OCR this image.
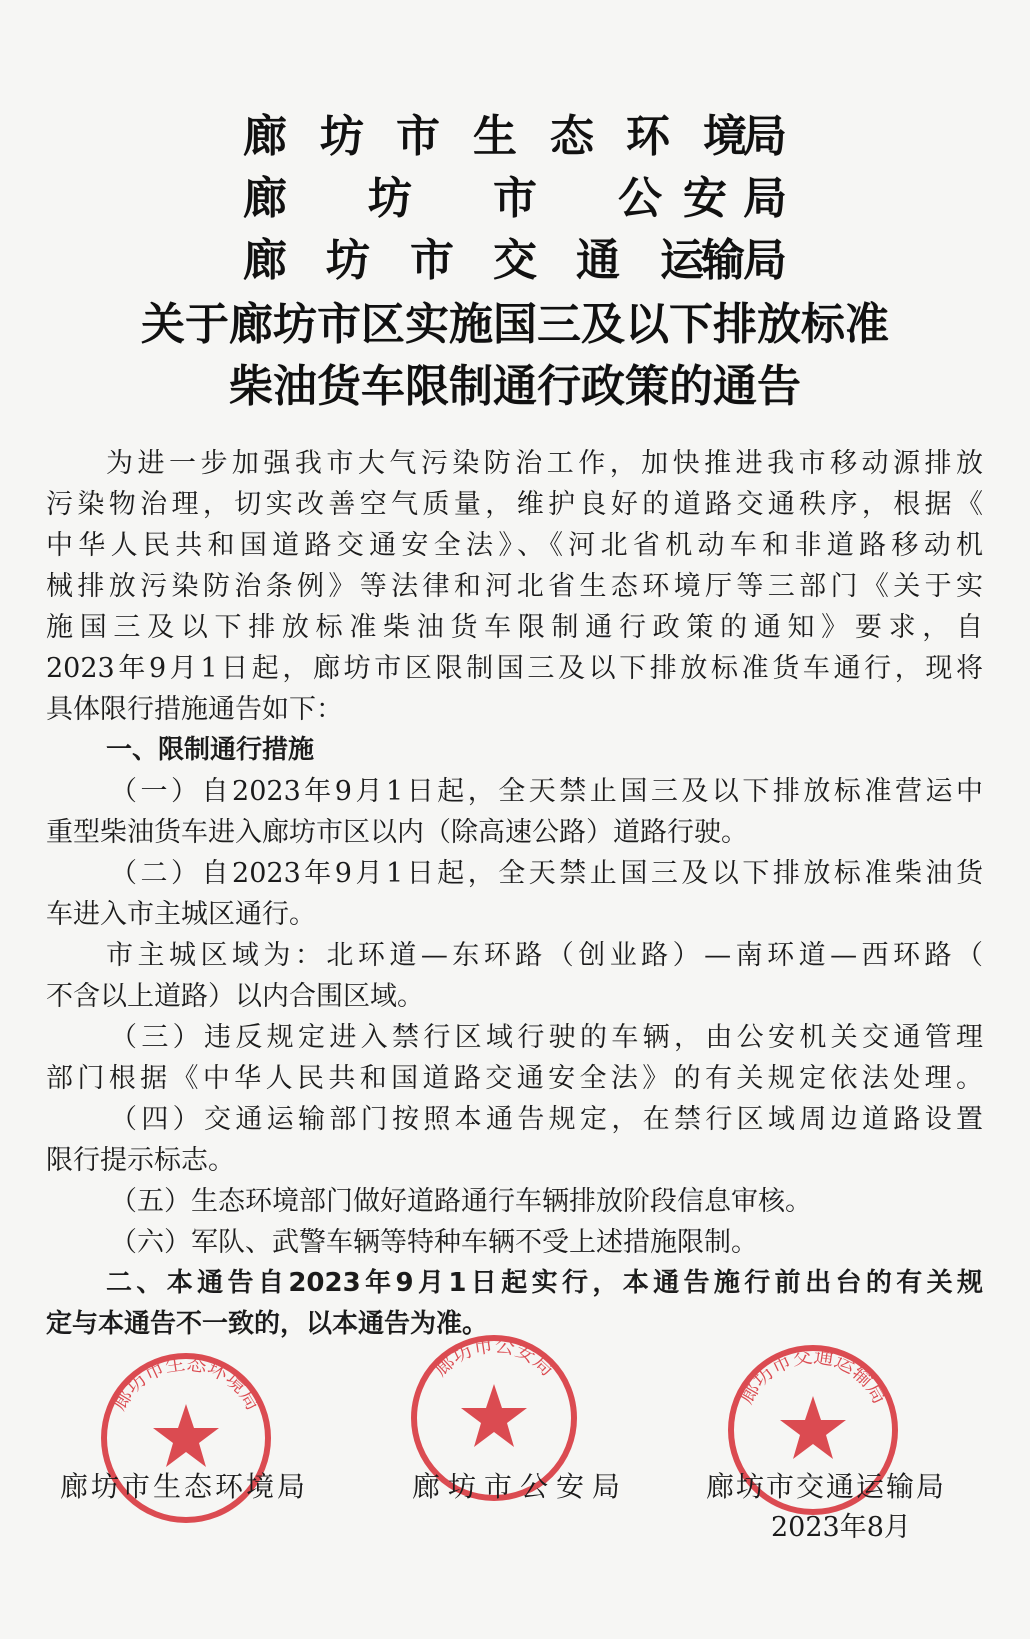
廊 坊 市 生 态 环 境
局
廊 坊 市 公 安 局
廊 坊 市 交 通 运
输
局
关于廊坊市区实施国三及以下排放标准
柴油货车限制通行政策的通告
为进一步加强我市大气污染防治工作，加快推进我市移动源排放
污染物治理，切实改善空气质量，维护良好的道路交通秩序，根据《
中华人民共和国道路交通安全法》、《河北省机动车和非道路移动机
械排放污染防治条例》等法律和河北省生态环境厅等三部门《关于实
施国三及以下排放标准柴油货车限制通行政策的通知》要求，自
2023年9月1日起，廊坊市区限制国三及以下排放标准货车通行，现将
具体限行措施通告如下：
一、限制通行措施
（一）自2023年9月1日起，全天禁止国三及以下排放标准营运中
重型柴油货车进入廊坊市区以内（除高速公路）道路行驶。
（二）自2023年9月1日起，全天禁止国三及以下排放标准柴油货
车进入市主城区通行。
市主城区域为：北环道—东环路（创业路）—南环道—西环路（
不含以上道路）以内合围区域。
（三）违反规定进入禁行区域行驶的车辆，由公安机关交通管理
部门根据《中华人民共和国道路交通安全法》的有关规定依法处理。
（四）交通运输部门按照本通告规定，在禁行区域周边道路设置
限行提示标志。
（五）生态环境部门做好道路通行车辆排放阶段信息审核。
（六）军队、武警车辆等特种车辆不受上述措施限制。
二、本通告自2023年9月1日起实行，本通告施行前出台的有关规
定与本通告不一致的，以本通告为准。
廊坊市生态环境局
廊坊市公安局
廊坊市交通运输局
廊坊市生态环境局	廊坊市公安局	廊坊市交通运输局
2023年8月
